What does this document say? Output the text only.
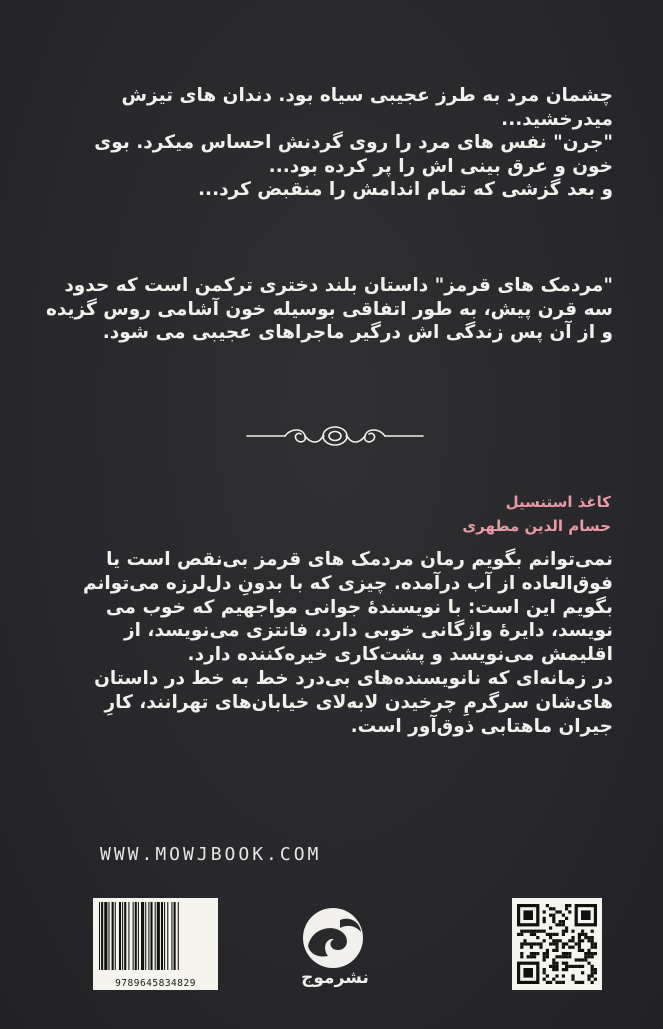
چشمان مرد به طرز عجیبی سیاه بود. دندان های تیزش

میدرخشید...

"جرن" نفس های مرد را روی گردنش احساس میکرد. بوی

خون و عرق بینی اش را پر کرده بود...

و بعد گزشی که تمام اندامش را منقبض کرد...

"مردمک های قرمز" داستان بلند دختری ترکمن است که حدود

سه قرن پیش، به طور اتفاقی بوسیله خون آشامی روس گزیده

و از آن پس زندگی اش درگیر ماجراهای عجیبی می شود.

کاغذ استنسیل
حسام الدین مطهری

نمی‌توانم بگویم رمان مردمک های قرمز بی‌نقص است یا

فوق‌العاده از آب درآمده. چیزی که با بدونِ دل‌لرزه می‌توانم

بگویم این است: با نویسندهٔ جوانی مواجهیم که خوب می

نویسد، دایرهٔ واژگانی خوبی دارد، فانتزی می‌نویسد، از

اقلیمش می‌نویسد و پشت‌کاری خیره‌کننده دارد.

در زمانه‌ای که نانویسنده‌های بی‌درد خط به خط در داستان

های‌شان سرگرمِ چرخیدن لابه‌لای خیابان‌های تهرانند، کارِ

جیران ماهتابی ذوق‌آور است.

WWW.MOWJBOOK.COM
9789645834829	نشرموج
